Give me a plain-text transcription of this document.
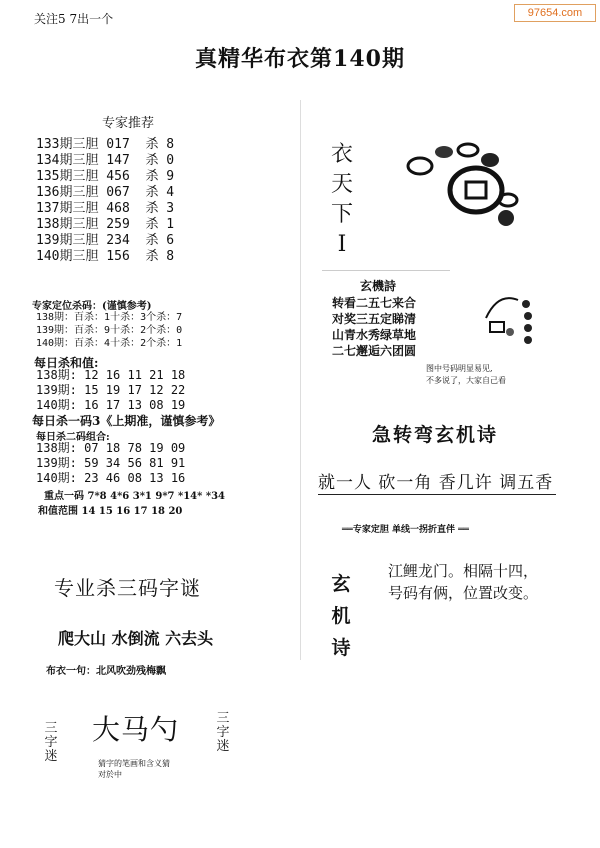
97654.com
关注5 7出一个
真精华布衣第140期
专家推荐
133期三胆 017  杀 8
134期三胆 147  杀 0
135期三胆 456  杀 9
136期三胆 067  杀 4
137期三胆 468  杀 3
138期三胆 259  杀 1
139期三胆 234  杀 6
140期三胆 156  杀 8
专家定位杀码：(谨慎参考)
138期：百杀：1十杀：3个杀：7
139期：百杀：9十杀：2个杀：0
140期：百杀：4十杀：2个杀：1
每日杀和值:
138期: 12 16 11 21 18
139期: 15 19 17 12 22
140期: 16 17 13 08 19
每日杀一码3《上期准，谨慎参考》
每日杀二码组合:
138期: 07 18 78 19 09
139期: 59 34 56 81 91
140期: 23 46 08 13 16
重点一码 7*8 4*6 3*1 9*7 *14* *34
和值范围 14 15 16 17 18 20
专业杀三码字谜
爬大山 水倒流 六去头
布衣一句：北风吹劲残梅飘
三字迷
大马勺	三字迷
猜字的笔画和含义猜
对於中
衣
天
下
I
玄機詩
转看二五七来合
对奖三五定睇清
山青水秀绿草地
二七邂逅六团圆
图中号码明显易见,
不多说了，大家自己看
急转弯玄机诗
就一人 砍一角 香几许 调五香
══专家定胆 单线一拐折直伴 ══
玄
机
诗
江鲤龙门。相隔十四，
号码有俩，位置改变。
